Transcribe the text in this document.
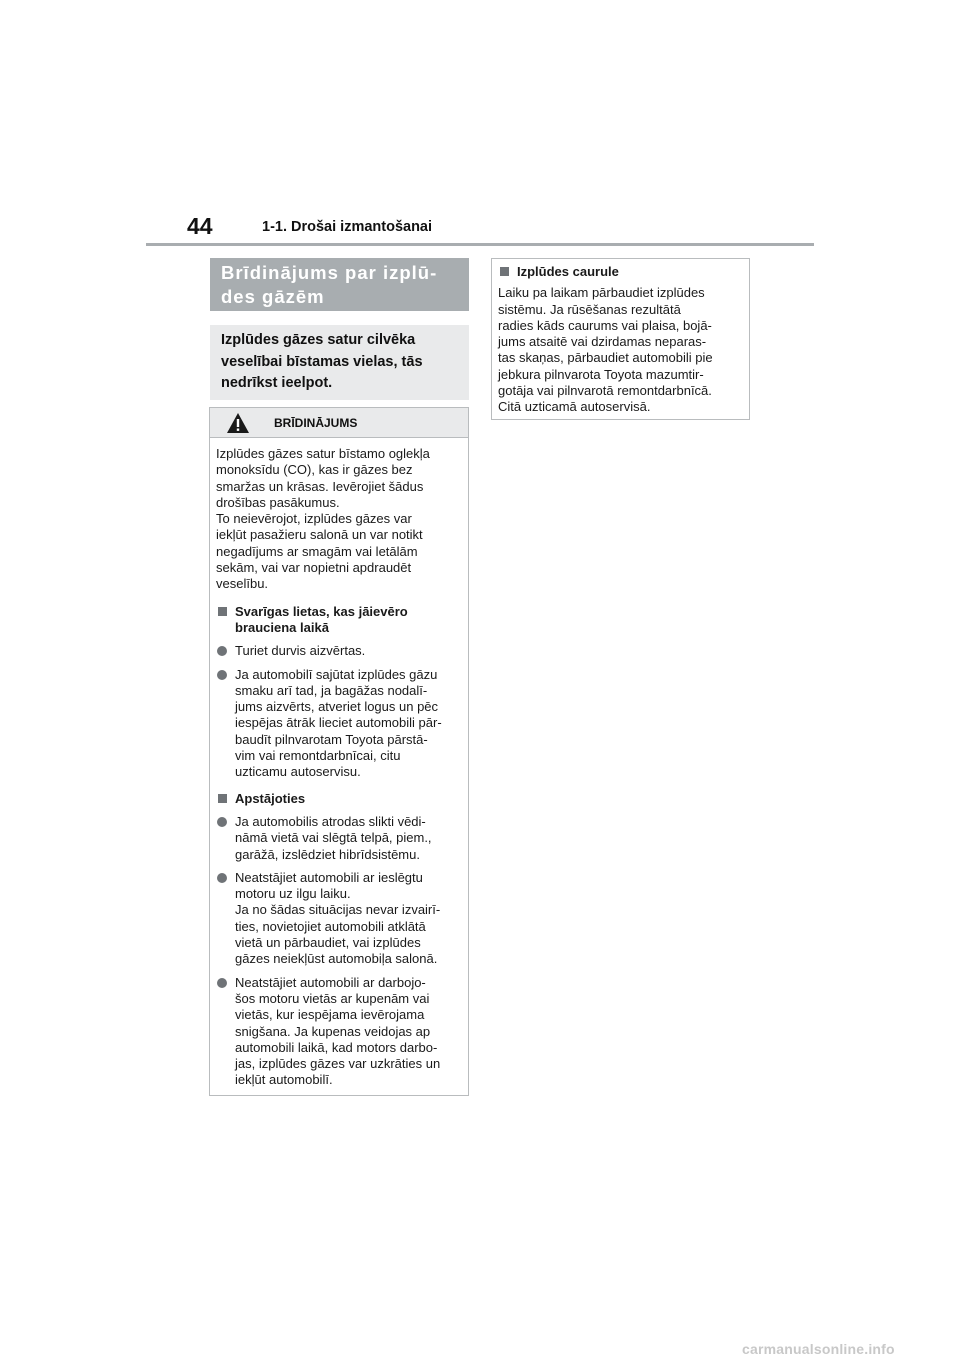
44	1-1. Drošai izmantošanai
Brīdinājums par izplū-
des gāzēm
Izplūdes gāzes satur cilvēka
veselībai bīstamas vielas, tās
nedrīkst ieelpot.
BRĪDINĀJUMS

Izplūdes gāzes satur bīstamo oglekļa

monoksīdu (CO), kas ir gāzes bez

smaržas un krāsas. Ievērojiet šādus

drošības pasākumus.

To neievērojot, izplūdes gāzes var

iekļūt pasažieru salonā un var notikt

negadījums ar smagām vai letālām

sekām, vai var nopietni apdraudēt

veselību.

Svarīgas lietas, kas jāievēro

brauciena laikā

Turiet durvis aizvērtas.

Ja automobilī sajūtat izplūdes gāzu

smaku arī tad, ja bagāžas nodalī-

jums aizvērts, atveriet logus un pēc

iespējas ātrāk lieciet automobili pār-

baudīt pilnvarotam Toyota pārstā-

vim vai remontdarbnīcai, citu

uzticamu autoservisu.

Apstājoties

Ja automobilis atrodas slikti vēdi-

nāmā vietā vai slēgtā telpā, piem.,

garāžā, izslēdziet hibrīdsistēmu.

Neatstājiet automobili ar ieslēgtu

motoru uz ilgu laiku.

Ja no šādas situācijas nevar izvairī-

ties, novietojiet automobili atklātā

vietā un pārbaudiet, vai izplūdes

gāzes neiekļūst automobiļa salonā.

Neatstājiet automobili ar darbojo-

šos motoru vietās ar kupenām vai

vietās, kur iespējama ievērojama

snigšana. Ja kupenas veidojas ap

automobili laikā, kad motors darbo-

jas, izplūdes gāzes var uzkrāties un

iekļūt automobilī.

Izplūdes caurule

Laiku pa laikam pārbaudiet izplūdes

sistēmu. Ja rūsēšanas rezultātā

radies kāds caurums vai plaisa, bojā-

jums atsaitē vai dzirdamas neparas-

tas skaņas, pārbaudiet automobili pie

jebkura pilnvarota Toyota mazumtir-

gotāja vai pilnvarotā remontdarbnīcā.

Citā uzticamā autoservisā.

carmanualsonline.info
